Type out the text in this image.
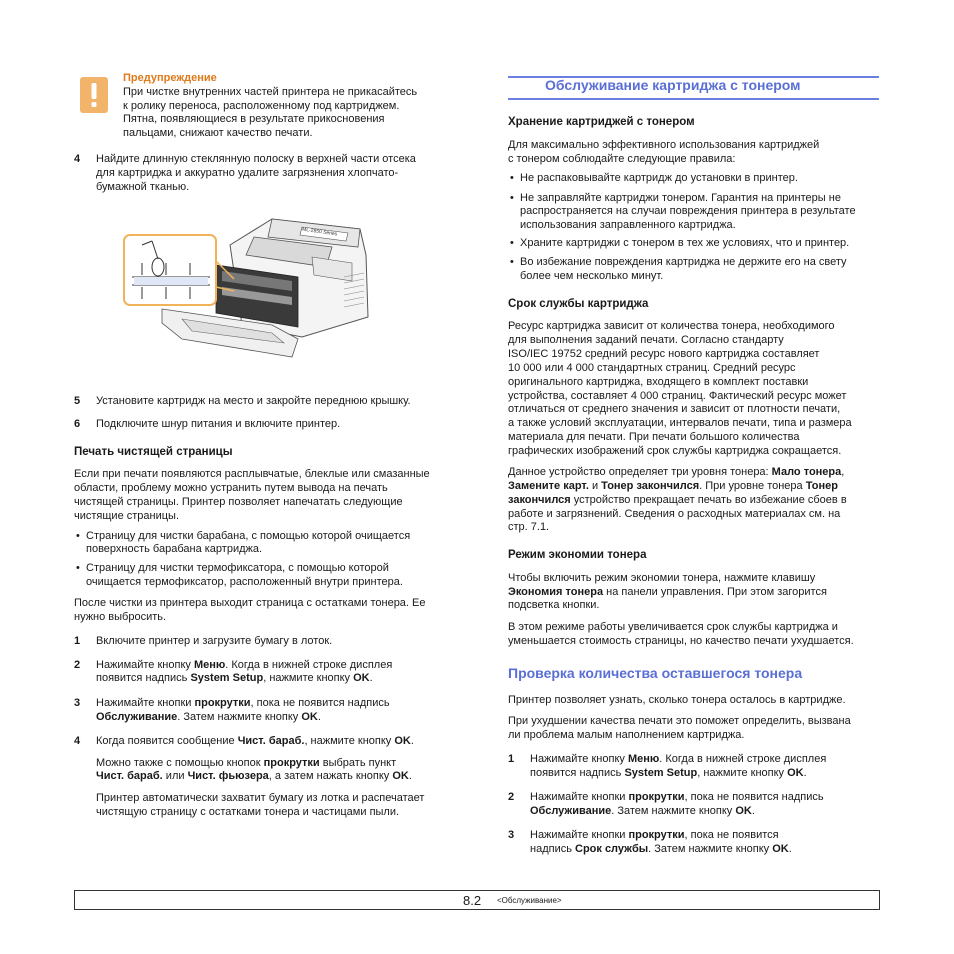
Предупреждение
При чистке внутренних частей принтера не прикасайтесь
к ролику переноса, расположенному под картриджем.
Пятна, появляющиеся в результате прикосновения
пальцами, снижают качество печати.
4 Найдите длинную стеклянную полоску в верхней части отсека
для картриджа и аккуратно удалите загрязнения хлопчато-
бумажной тканью.
ML-2850 Series
5 Установите картридж на место и закройте переднюю крышку.
6 Подключите шнур питания и включите принтер.
Печать чистящей страницы
Если при печати появляются расплывчатые, блеклые или смазанные
области, проблему можно устранить путем вывода на печать
чистящей страницы. Принтер позволяет напечатать следующие
чистящие страницы.
• Страницу для чистки барабана, с помощью которой очищается
поверхность барабана картриджа.
• Страницу для чистки термофиксатора, с помощью которой
очищается термофиксатор, расположенный внутри принтера.
После чистки из принтера выходит страница с остатками тонера. Ее
нужно выбросить.
1 Включите принтер и загрузите бумагу в лоток.
2 Нажимайте кнопку Меню. Когда в нижней строке дисплея
появится надпись System Setup, нажмите кнопку OK.
3 Нажимайте кнопки прокрутки, пока не появится надпись
Обслуживание. Затем нажмите кнопку OK.
4 Когда появится сообщение Чист. бараб., нажмите кнопку OK.
Можно также с помощью кнопок прокрутки выбрать пункт
Чист. бараб. или Чист. фьюзера, а затем нажать кнопку OK.
Принтер автоматически захватит бумагу из лотка и распечатает
чистящую страницу с остатками тонера и частицами пыли.
Обслуживание картриджа с тонером
Хранение картриджей с тонером
Для максимально эффективного использования картриджей
с тонером соблюдайте следующие правила:
• Не распаковывайте картридж до установки в принтер.
• Не заправляйте картриджи тонером. Гарантия на принтеры не
распространяется на случаи повреждения принтера в результате
использования заправленного картриджа.
• Храните картриджи с тонером в тех же условиях, что и принтер.
• Во избежание повреждения картриджа не держите его на свету
более чем несколько минут.
Срок службы картриджа
Ресурс картриджа зависит от количества тонера, необходимого
для выполнения заданий печати. Согласно стандарту
ISO/IEC 19752 средний ресурс нового картриджа составляет
10 000 или 4 000 стандартных страниц. Средний ресурс
оригинального картриджа, входящего в комплект поставки
устройства, составляет 4 000 страниц. Фактический ресурс может
отличаться от среднего значения и зависит от плотности печати,
а также условий эксплуатации, интервалов печати, типа и размера
материала для печати. При печати большого количества
графических изображений срок службы картриджа сокращается.
Данное устройство определяет три уровня тонера: Мало тонера,
Замените карт. и Тонер закончился. При уровне тонера Тонер
закончился устройство прекращает печать во избежание сбоев в
работе и загрязнений. Сведения о расходных материалах см. на
стр. 7.1.
Режим экономии тонера
Чтобы включить режим экономии тонера, нажмите клавишу
Экономия тонера на панели управления. При этом загорится
подсветка кнопки.
В этом режиме работы увеличивается срок службы картриджа и
уменьшается стоимость страницы, но качество печати ухудшается.
Проверка количества оставшегося тонера
Принтер позволяет узнать, сколько тонера осталось в картридже.
При ухудшении качества печати это поможет определить, вызвана
ли проблема малым наполнением картриджа.
1 Нажимайте кнопку Меню. Когда в нижней строке дисплея
появится надпись System Setup, нажмите кнопку OK.
2 Нажимайте кнопки прокрутки, пока не появится надпись
Обслуживание. Затем нажмите кнопку OK.
3 Нажимайте кнопки прокрутки, пока не появится
надпись Срок службы. Затем нажмите кнопку OK.
8.2 <Обслуживание>
